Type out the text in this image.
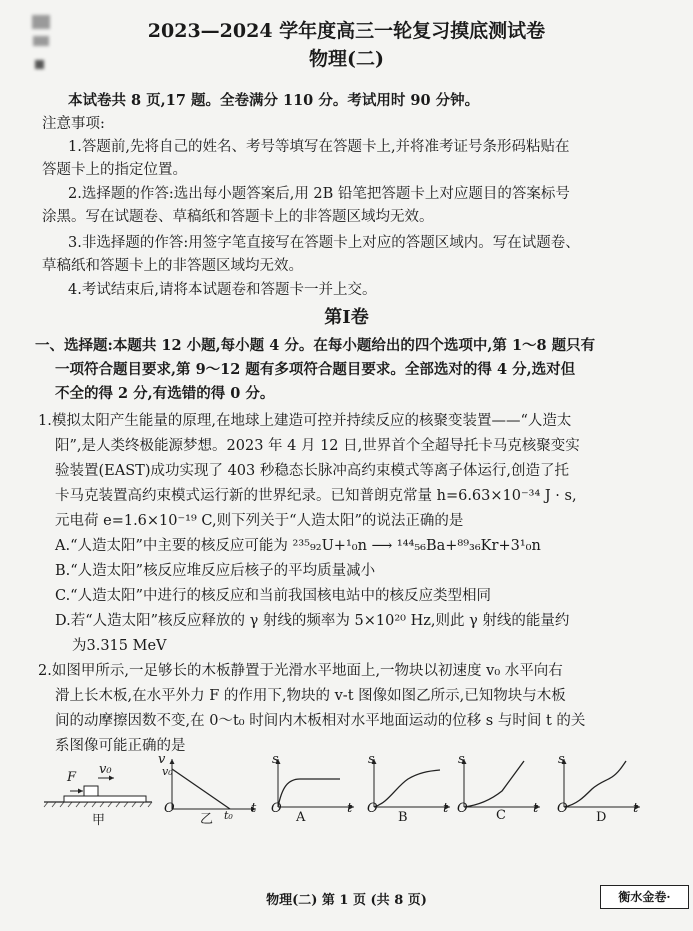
2023—2024 学年度高三一轮复习摸底测试卷
物理(二)
本试卷共 8 页,17 题。全卷满分 110 分。考试用时 90 分钟。
注意事项:
1.答题前,先将自己的姓名、考号等填写在答题卡上,并将准考证号条形码粘贴在
答题卡上的指定位置。
2.选择题的作答:选出每小题答案后,用 2B 铅笔把答题卡上对应题目的答案标号
涂黑。写在试题卷、草稿纸和答题卡上的非答题区域均无效。
3.非选择题的作答:用签字笔直接写在答题卡上对应的答题区域内。写在试题卷、
草稿纸和答题卡上的非答题区域均无效。
4.考试结束后,请将本试题卷和答题卡一并上交。
第Ⅰ卷
一、选择题:本题共 12 小题,每小题 4 分。在每小题给出的四个选项中,第 1～8 题只有
一项符合题目要求,第 9～12 题有多项符合题目要求。全部选对的得 4 分,选对但
不全的得 2 分,有选错的得 0 分。
1.模拟太阳产生能量的原理,在地球上建造可控并持续反应的核聚变装置——“人造太
阳”,是人类终极能源梦想。2023 年 4 月 12 日,世界首个全超导托卡马克核聚变实
验装置(EAST)成功实现了 403 秒稳态长脉冲高约束模式等离子体运行,创造了托
卡马克装置高约束模式运行新的世界纪录。已知普朗克常量 h=6.63×10⁻³⁴ J · s,
元电荷 e=1.6×10⁻¹⁹ C,则下列关于“人造太阳”的说法正确的是
A.“人造太阳”中主要的核反应可能为 ²³⁵₉₂U+¹₀n ⟶ ¹⁴⁴₅₆Ba+⁸⁹₃₆Kr+3¹₀n
B.“人造太阳”核反应堆反应后核子的平均质量减小
C.“人造太阳”中进行的核反应和当前我国核电站中的核反应类型相同
D.若“人造太阳”核反应释放的 γ 射线的频率为 5×10²⁰ Hz,则此 γ 射线的能量约
为3.315 MeV
2.如图甲所示,一足够长的木板静置于光滑水平地面上,一物块以初速度 v₀ 水平向右
滑上长木板,在水平外力 F 的作用下,物块的 v-t 图像如图乙所示,已知物块与木板
间的动摩擦因数不变,在 0～t₀ 时间内木板相对水平地面运动的位移 s 与时间 t 的关
系图像可能正确的是
F
v₀
甲
v
v₀
O	t₀ t
乙
s
O	t
A
s
O	t
B
s
O	t
C
s
O	t
D
物理(二) 第 1 页 (共 8 页)	衡水金卷·
